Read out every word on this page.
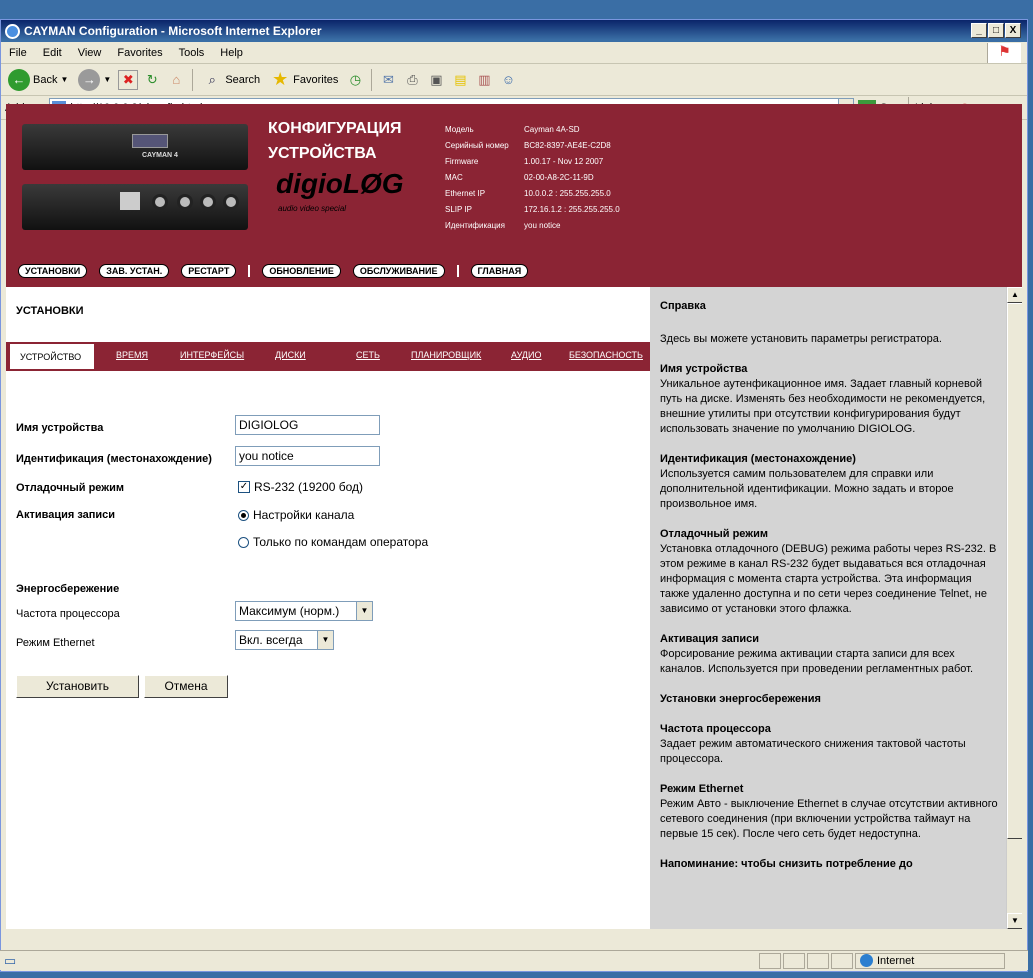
CAYMAN Configuration - Microsoft Internet Explorer	_	□	X
File	Edit	View	Favorites	Tools	Help	⚑
← Back ▼	→ ▼ ✖	↻	⌂	⌕ Search ★ Favorites ◷	✉	⎙ ▣ ▤ ▥ ☺
CAYMAN 4
КОНФИГУРАЦИЯ
УСТРОЙСТВА
digioLØG
audio video special
Модель	Cayman 4A-SD
Серийный номер	BC82-8397-AE4E-C2D8
Firmware	1.00.17 - Nov 12 2007
MAC	02-00-A8-2C-11-9D
Ethernet IP	10.0.0.2 : 255.255.255.0
SLIP IP	172.16.1.2 : 255.255.255.0
Идентификация	you notice
УСТАНОВКИ	ЗАВ. УСТАН.	РЕСТАРТ	ОБНОВЛЕНИЕ	ОБСЛУЖИВАНИЕ	ГЛАВНАЯ
УСТАНОВКИ
УСТРОЙСТВО	ВРЕМЯ	ИНТЕРФЕЙСЫ	ДИСКИ	СЕТЬ	ПЛАНИРОВЩИК	АУДИО	БЕЗОПАСНОСТЬ
Имя устройства	DIGIOLOG
Идентификация (местонахождение)	you notice
Отладочный режим	✓ RS-232 (19200 бод)
Активация записи	Настройки канала
Только по командам оператора
Энергосбережение
Частота процессора	Максимум (норм.)	▼
Режим Ethernet	Вкл. всегда	▼
Установить	Отмена
Справка

Здесь вы можете установить параметры регистратора.

Имя устройства

Уникальное аутенфикационное имя. Задает главный корневой путь на диске. Изменять без необходимости не рекомендуется, внешние утилиты при отсутствии конфигурирования будут использовать значение по умолчанию DIGIOLOG.

Идентификация (местонахождение)

Используется самим пользователем для справки или дополнительной идентификации. Можно задать и второе произвольное имя.

Отладочный режим

Установка отладочного (DEBUG) режима работы через RS-232. В этом режиме в канал RS-232 будет выдаваться вся отладочная информация с момента старта устройства. Эта информация также удаленно доступна и по сети через соединение Telnet, не зависимо от установки этого флажка.

Активация записи

Форсирование режима активации старта записи для всех каналов. Используется при проведении регламентных работ.

Установки энергосбережения
Частота процессора

Задает режим автоматического снижения тактовой частоты процессора.

Режим Ethernet

Режим Авто - выключение Ethernet в случае отсутствии активного сетевого соединения (при включении устройства таймаут на первые 15 сек). После чего сеть будет недоступна.

Напоминание: чтобы снизить потребление до

▲
▼
▭	Internet
